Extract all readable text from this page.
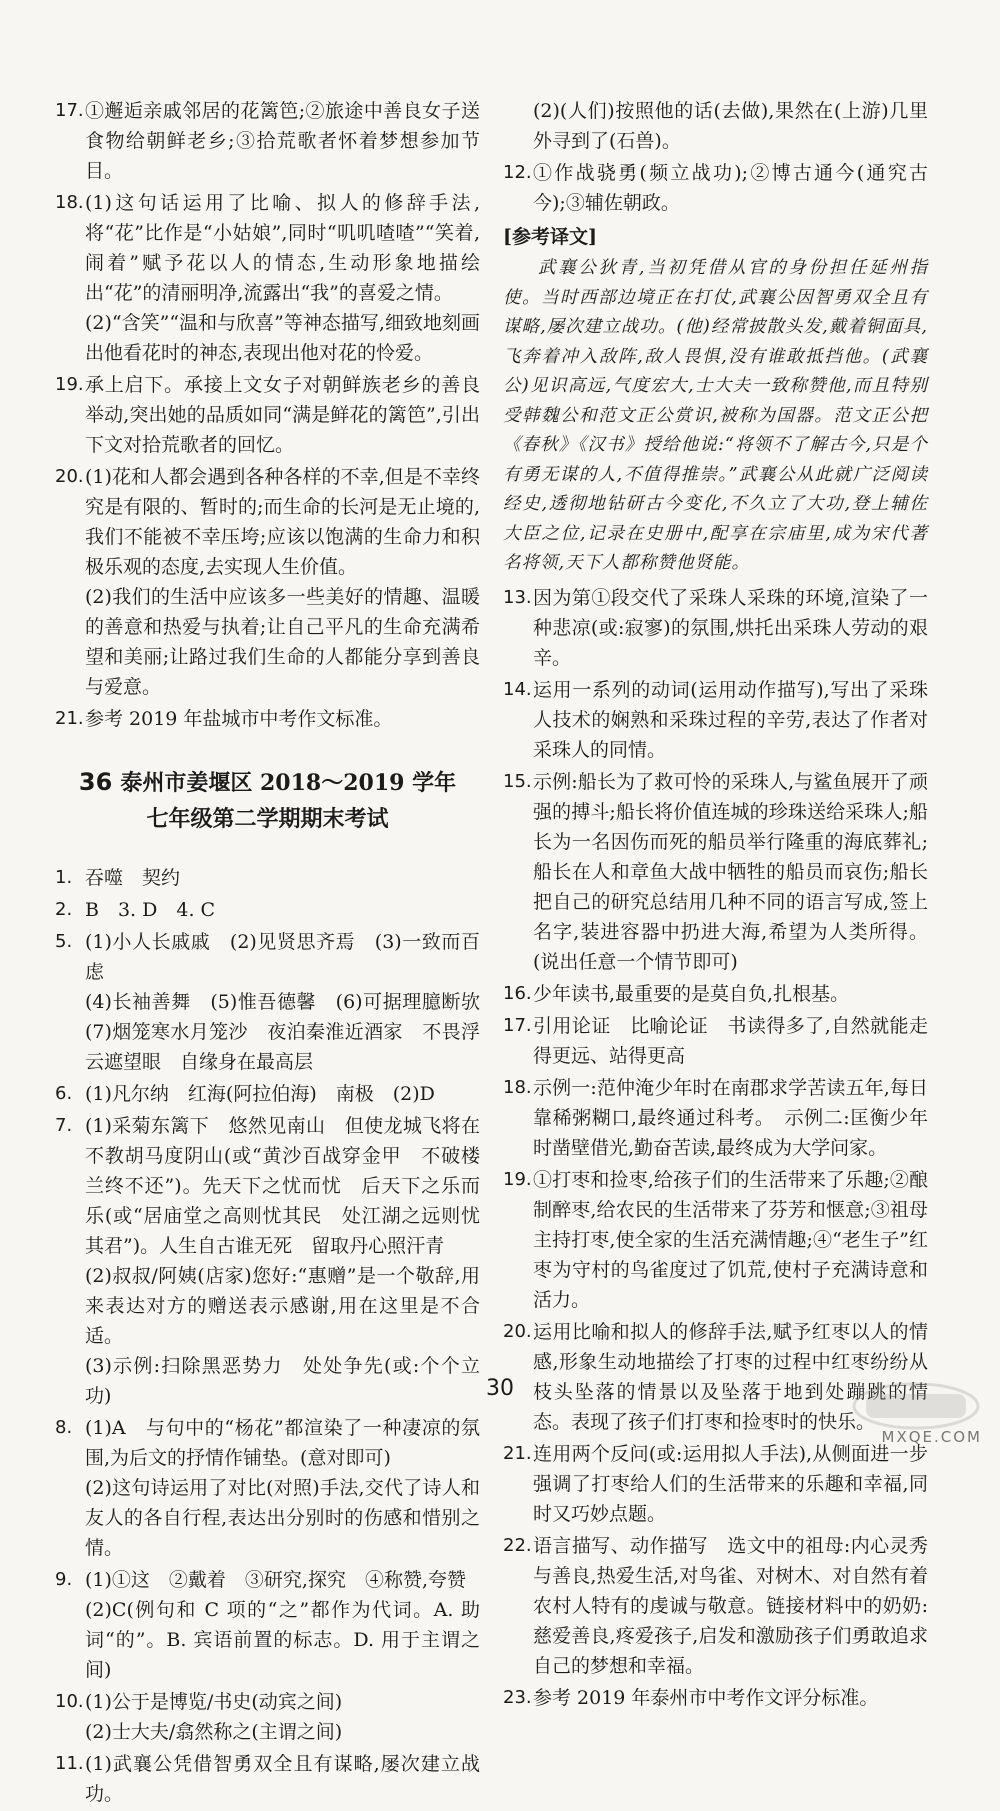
17. ①邂逅亲戚邻居的花篱笆;②旅途中善良女子送食物给朝鲜老乡;③拾荒歌者怀着梦想参加节目。

18. (1)这句话运用了比喻、拟人的修辞手法,将“花”比作是“小姑娘”,同时“叽叽喳喳”“笑着,闹着”赋予花以人的情态,生动形象地描绘出“花”的清丽明净,流露出“我”的喜爱之情。

(2)“含笑”“温和与欣喜”等神态描写,细致地刻画出他看花时的神态,表现出他对花的怜爱。

19. 承上启下。承接上文女子对朝鲜族老乡的善良举动,突出她的品质如同“满是鲜花的篱笆”,引出下文对拾荒歌者的回忆。

20. (1)花和人都会遇到各种各样的不幸,但是不幸终究是有限的、暂时的;而生命的长河是无止境的,我们不能被不幸压垮;应该以饱满的生命力和积极乐观的态度,去实现人生价值。

(2)我们的生活中应该多一些美好的情趣、温暖的善意和热爱与执着;让自己平凡的生命充满希望和美丽;让路过我们生命的人都能分享到善良与爱意。

21. 参考 2019 年盐城市中考作文标准。

36 泰州市姜堰区 2018～2019 学年
七年级第二学期期末考试
1. 吞噬　契约

2. B　3. D　4. C

5. (1)小人长戚戚　(2)见贤思齐焉　(3)一致而百虑

(4)长袖善舞　(5)惟吾德馨　(6)可据理臆断欤　(7)烟笼寒水月笼沙　夜泊秦淮近酒家　不畏浮云遮望眼　自缘身在最高层

6. (1)凡尔纳　红海(阿拉伯海)　南极　(2)D

7. (1)采菊东篱下　悠然见南山　但使龙城飞将在　不教胡马度阴山(或“黄沙百战穿金甲　不破楼兰终不还”)。先天下之忧而忧　后天下之乐而乐(或“居庙堂之高则忧其民　处江湖之远则忧其君”)。人生自古谁无死　留取丹心照汗青

(2)叔叔/阿姨(店家)您好:“惠赠”是一个敬辞,用来表达对方的赠送表示感谢,用在这里是不合适。

(3)示例:扫除黑恶势力　处处争先(或:个个立功)

8. (1)A　与句中的“杨花”都渲染了一种凄凉的氛围,为后文的抒情作铺垫。(意对即可)

(2)这句诗运用了对比(对照)手法,交代了诗人和友人的各自行程,表达出分别时的伤感和惜别之情。

9. (1)①这　②戴着　③研究,探究　④称赞,夸赞

(2)C(例句和 C 项的“之”都作为代词。A. 助词“的”。B. 宾语前置的标志。D. 用于主谓之间)

10. (1)公于是博览/书史(动宾之间)

(2)士大夫/翕然称之(主谓之间)

11. (1)武襄公凭借智勇双全且有谋略,屡次建立战功。

(2)(人们)按照他的话(去做),果然在(上游)几里外寻到了(石兽)。

12. ①作战骁勇(频立战功);②博古通今(通究古今);③辅佐朝政。

[参考译文]

武襄公狄青,当初凭借从官的身份担任延州指使。当时西部边境正在打仗,武襄公因智勇双全且有谋略,屡次建立战功。(他)经常披散头发,戴着铜面具,飞奔着冲入敌阵,敌人畏惧,没有谁敢抵挡他。(武襄公)见识高远,气度宏大,士大夫一致称赞他,而且特别受韩魏公和范文正公赏识,被称为国器。范文正公把《春秋》《汉书》授给他说:“将领不了解古今,只是个有勇无谋的人,不值得推崇。”武襄公从此就广泛阅读经史,透彻地钻研古今变化,不久立了大功,登上辅佐大臣之位,记录在史册中,配享在宗庙里,成为宋代著名将领,天下人都称赞他贤能。

13. 因为第①段交代了采珠人采珠的环境,渲染了一种悲凉(或:寂寥)的氛围,烘托出采珠人劳动的艰辛。

14. 运用一系列的动词(运用动作描写),写出了采珠人技术的娴熟和采珠过程的辛劳,表达了作者对采珠人的同情。

15. 示例:船长为了救可怜的采珠人,与鲨鱼展开了顽强的搏斗;船长将价值连城的珍珠送给采珠人;船长为一名因伤而死的船员举行隆重的海底葬礼;船长在人和章鱼大战中牺牲的船员而哀伤;船长把自己的研究总结用几种不同的语言写成,签上名字,装进容器中扔进大海,希望为人类所得。(说出任意一个情节即可)

16. 少年读书,最重要的是莫自负,扎根基。

17. 引用论证　比喻论证　书读得多了,自然就能走得更远、站得更高

18. 示例一:范仲淹少年时在南郡求学苦读五年,每日靠稀粥糊口,最终通过科考。　示例二:匡衡少年时凿壁借光,勤奋苦读,最终成为大学问家。

19. ①打枣和捡枣,给孩子们的生活带来了乐趣;②酿制醉枣,给农民的生活带来了芬芳和惬意;③祖母主持打枣,使全家的生活充满情趣;④“老生子”红枣为守村的鸟雀度过了饥荒,使村子充满诗意和活力。

20. 运用比喻和拟人的修辞手法,赋予红枣以人的情感,形象生动地描绘了打枣的过程中红枣纷纷从枝头坠落的情景以及坠落于地到处蹦跳的情态。表现了孩子们打枣和捡枣时的快乐。

21. 连用两个反问(或:运用拟人手法),从侧面进一步强调了打枣给人们的生活带来的乐趣和幸福,同时又巧妙点题。

22. 语言描写、动作描写　选文中的祖母:内心灵秀与善良,热爱生活,对鸟雀、对树木、对自然有着农村人特有的虔诚与敬意。链接材料中的奶奶:慈爱善良,疼爱孩子,启发和激励孩子们勇敢追求自己的梦想和幸福。

23. 参考 2019 年泰州市中考作文评分标准。

30
MXQE.COM
